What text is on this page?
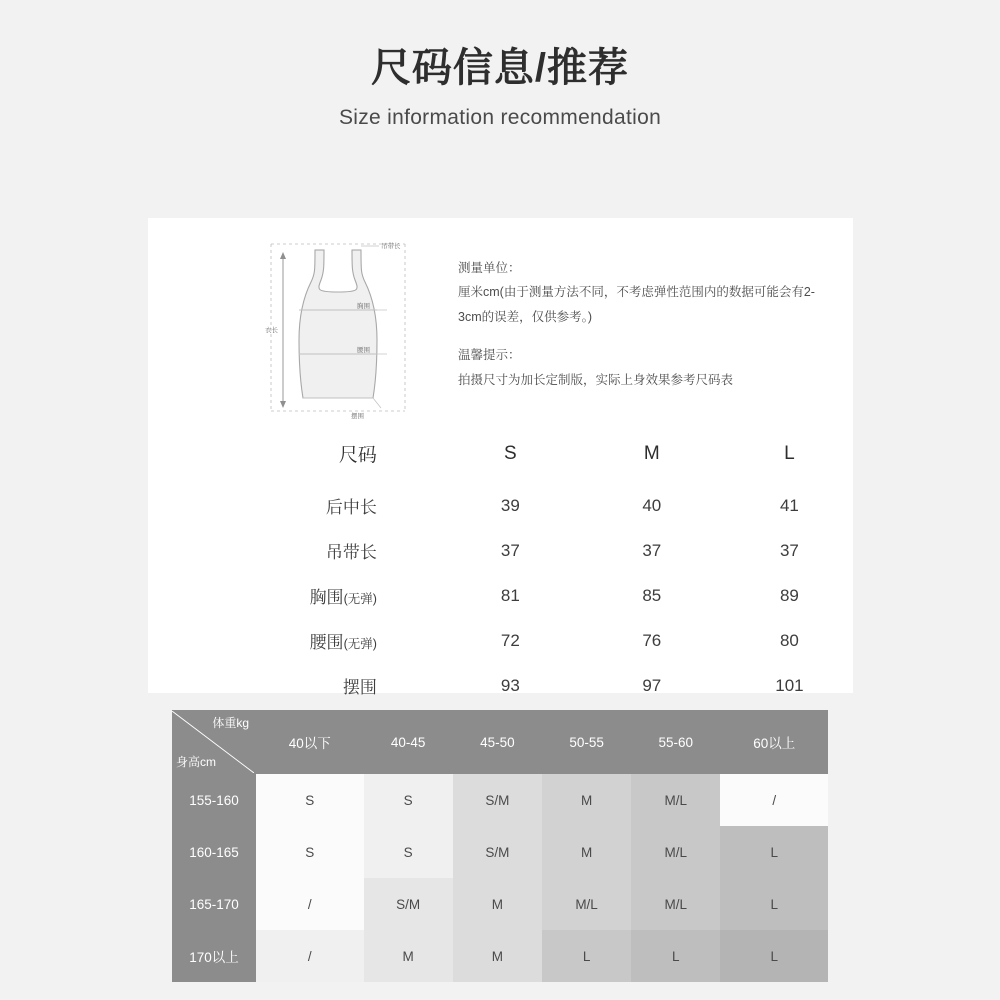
尺码信息/推荐
Size information recommendation
衣长
吊带长
胸围
腰围
摆围
测量单位：
厘米cm(由于测量方法不同，不考虑弹性范围内的数据可能会有2-3cm的误差，仅供参考。)
温馨提示：
拍摄尺寸为加长定制版，实际上身效果参考尺码表
尺码	S	M	L
后中长	39	40	41
吊带长	37	37	37
胸围(无弹)	81	85	89
腰围(无弹)	72	76	80
摆围	93	97	101
体重kg
身高cm	40以下	40-45	45-50	50-55	55-60	60以上
155-160	S	S	S/M	M	M/L	/
160-165	S	S	S/M	M	M/L	L
165-170	/	S/M	M	M/L	M/L	L
170以上	/	M	M	L	L	L
